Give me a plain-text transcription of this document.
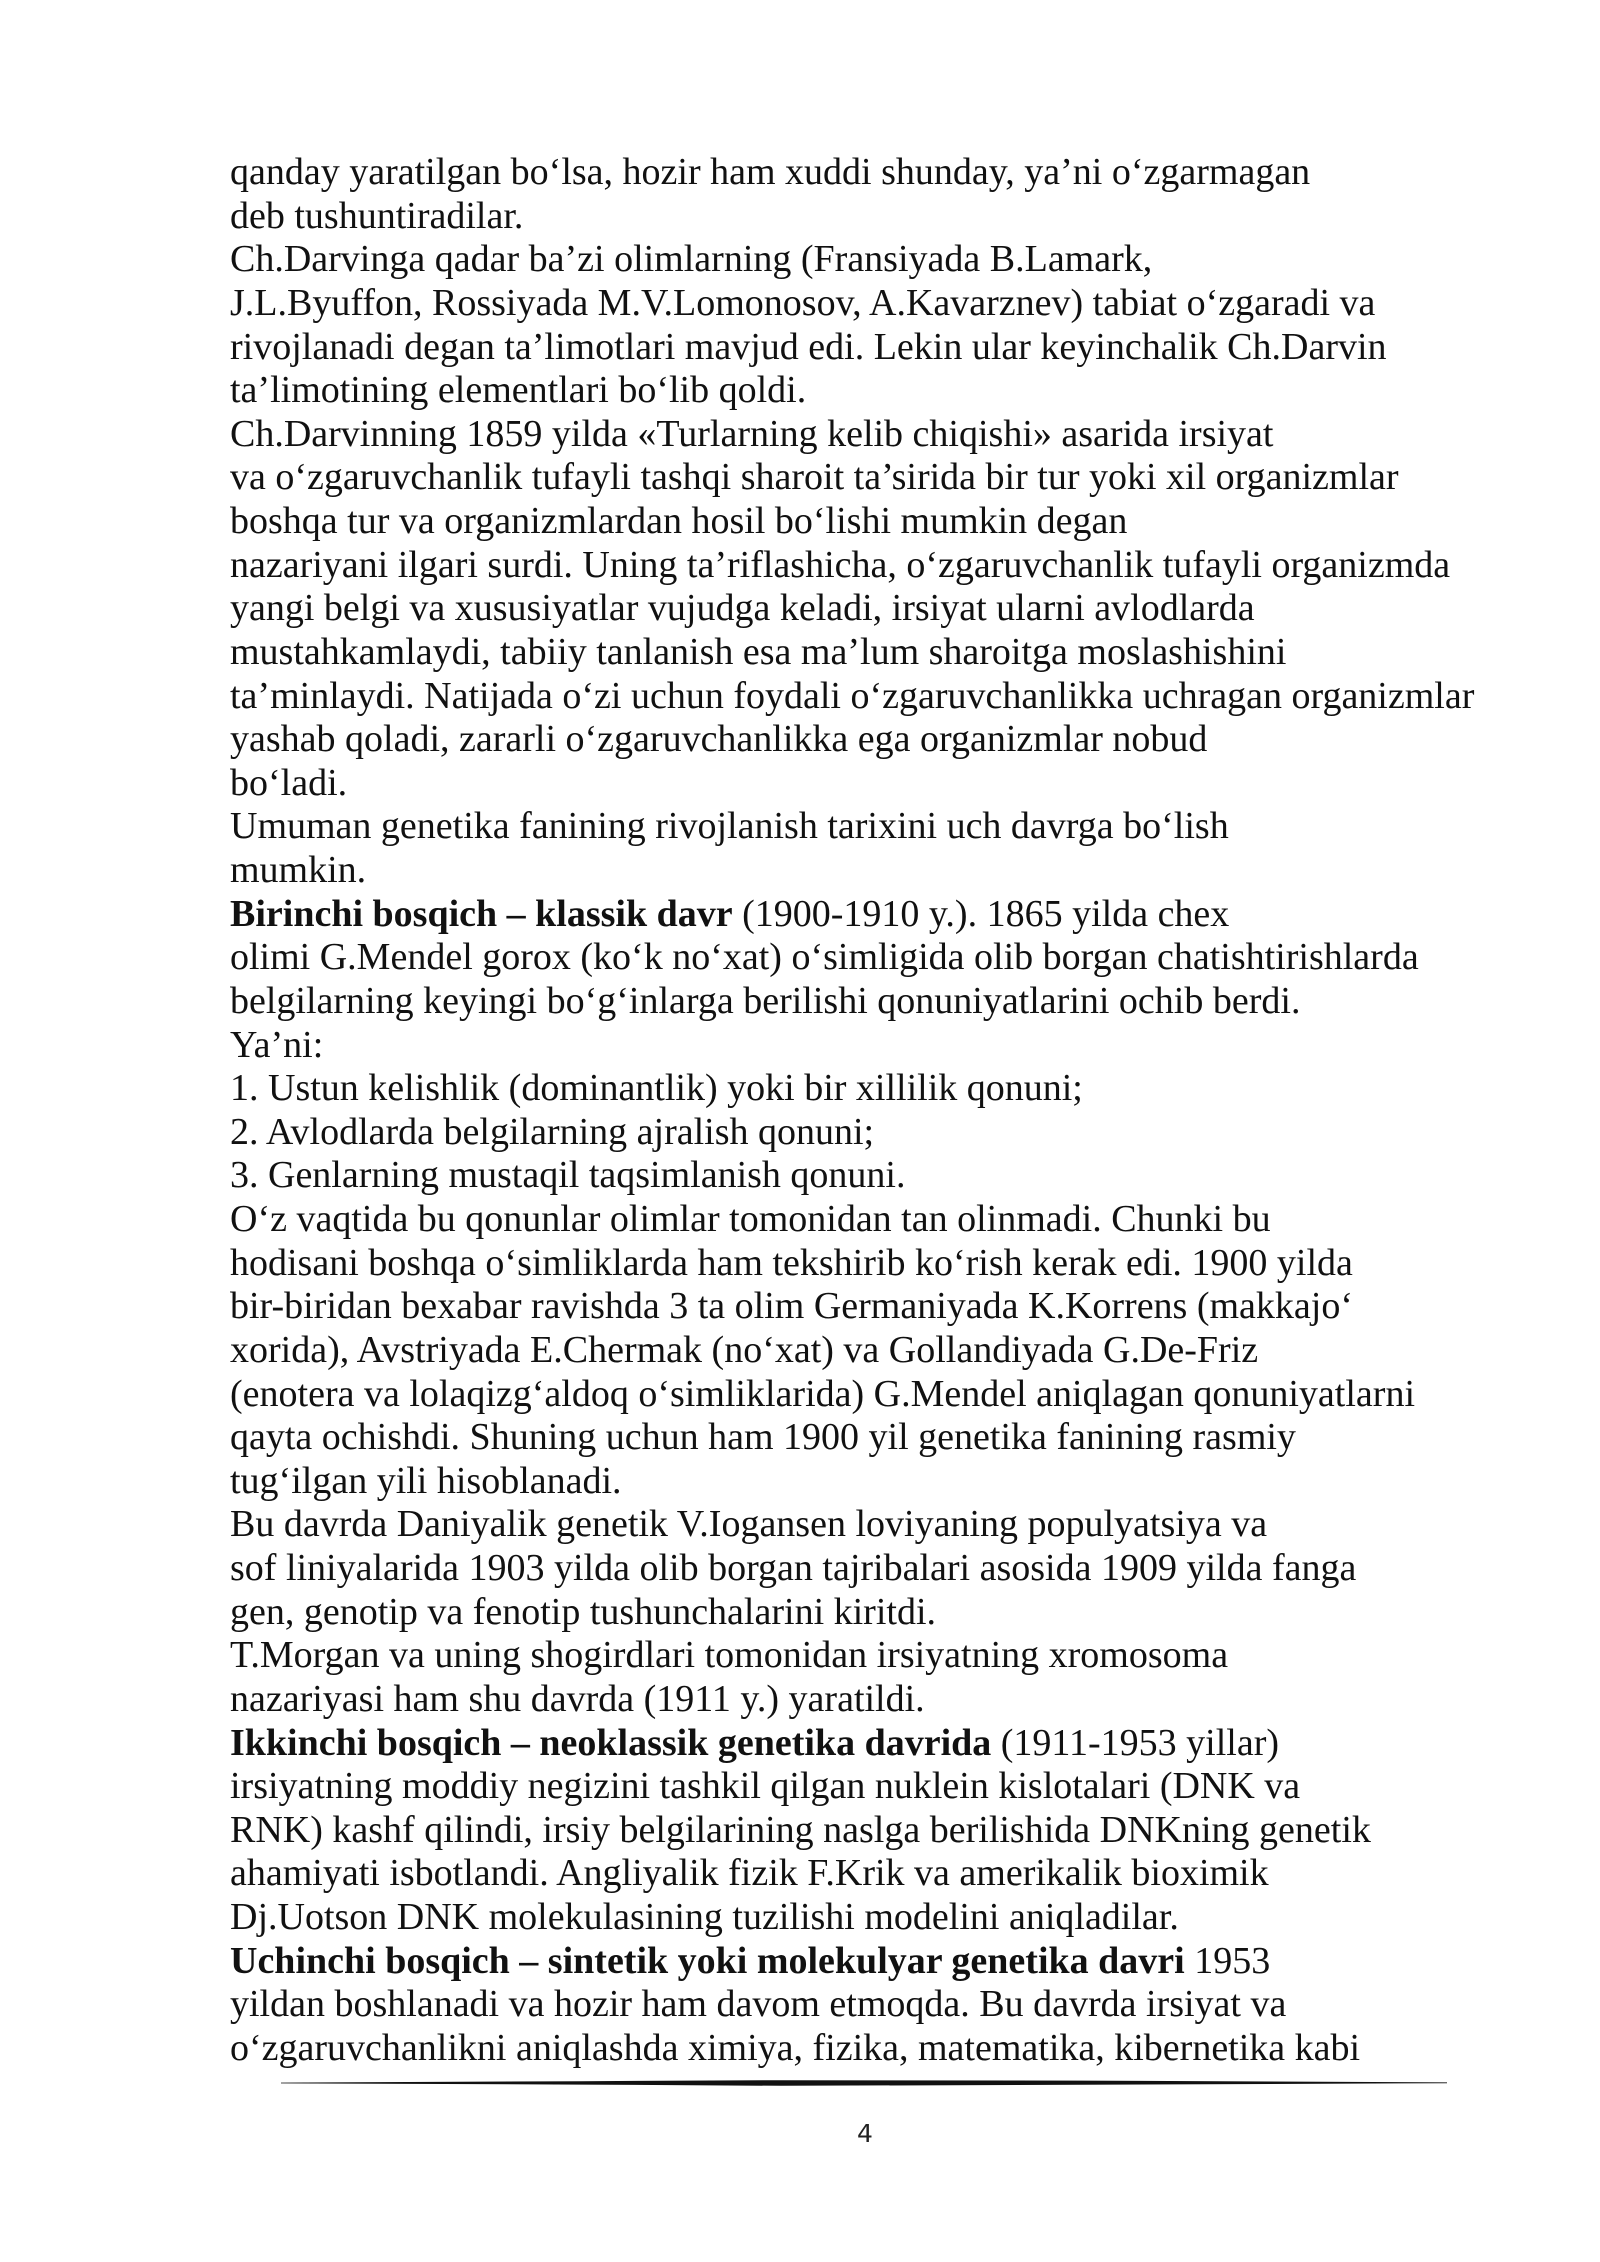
qanday yaratilgan bo‘lsa, hozir ham xuddi shunday, ya’ni o‘zgarmagan
deb tushuntiradilar.
Ch.Darvinga qadar ba’zi olimlarning (Fransiyada B.Lamark,
J.L.Byuffon, Rossiyada M.V.Lomonosov, A.Kavarznev) tabiat o‘zgaradi va
rivojlanadi degan ta’limotlari mavjud edi. Lekin ular keyinchalik Ch.Darvin
ta’limotining elementlari bo‘lib qoldi.
Ch.Darvinning 1859 yilda «Turlarning kelib chiqishi» asarida irsiyat
va o‘zgaruvchanlik tufayli tashqi sharoit ta’sirida bir tur yoki xil organizmlar
boshqa tur va organizmlardan hosil bo‘lishi mumkin degan
nazariyani ilgari surdi. Uning ta’riflashicha, o‘zgaruvchanlik tufayli organizmda
yangi belgi va xususiyatlar vujudga keladi, irsiyat ularni avlodlarda
mustahkamlaydi, tabiiy tanlanish esa ma’lum sharoitga moslashishini
ta’minlaydi. Natijada o‘zi uchun foydali o‘zgaruvchanlikka uchragan organizmlar
yashab qoladi, zararli o‘zgaruvchanlikka ega organizmlar nobud
bo‘ladi.
Umuman genetika fanining rivojlanish tarixini uch davrga bo‘lish
mumkin.
Birinchi bosqich – klassik davr (1900-1910 y.). 1865 yilda chex
olimi G.Mendel gorox (ko‘k no‘xat) o‘simligida olib borgan chatishtirishlarda
belgilarning keyingi bo‘g‘inlarga berilishi qonuniyatlarini ochib berdi.
Ya’ni:
1. Ustun kelishlik (dominantlik) yoki bir xillilik qonuni;
2. Avlodlarda belgilarning ajralish qonuni;
3. Genlarning mustaqil taqsimlanish qonuni.
O‘z vaqtida bu qonunlar olimlar tomonidan tan olinmadi. Chunki bu
hodisani boshqa o‘simliklarda ham tekshirib ko‘rish kerak edi. 1900 yilda
bir-biridan bexabar ravishda 3 ta olim Germaniyada K.Korrens (makkajo‘
xorida), Avstriyada E.Chermak (no‘xat) va Gollandiyada G.De-Friz
(enotera va lolaqizg‘aldoq o‘simliklarida) G.Mendel aniqlagan qonuniyatlarni
qayta ochishdi. Shuning uchun ham 1900 yil genetika fanining rasmiy
tug‘ilgan yili hisoblanadi.
Bu davrda Daniyalik genetik V.Iogansen loviyaning populyatsiya va
sof liniyalarida 1903 yilda olib borgan tajribalari asosida 1909 yilda fanga
gen, genotip va fenotip tushunchalarini kiritdi.
T.Morgan va uning shogirdlari tomonidan irsiyatning xromosoma
nazariyasi ham shu davrda (1911 y.) yaratildi.
Ikkinchi bosqich – neoklassik genetika davrida (1911-1953 yillar)
irsiyatning moddiy negizini tashkil qilgan nuklein kislotalari (DNK va
RNK) kashf qilindi, irsiy belgilarining naslga berilishida DNKning genetik
ahamiyati isbotlandi. Angliyalik fizik F.Krik va amerikalik bioximik
Dj.Uotson DNK molekulasining tuzilishi modelini aniqladilar.
Uchinchi bosqich – sintetik yoki molekulyar genetika davri 1953
yildan boshlanadi va hozir ham davom etmoqda. Bu davrda irsiyat va
o‘zgaruvchanlikni aniqlashda ximiya, fizika, matematika, kibernetika kabi
4
